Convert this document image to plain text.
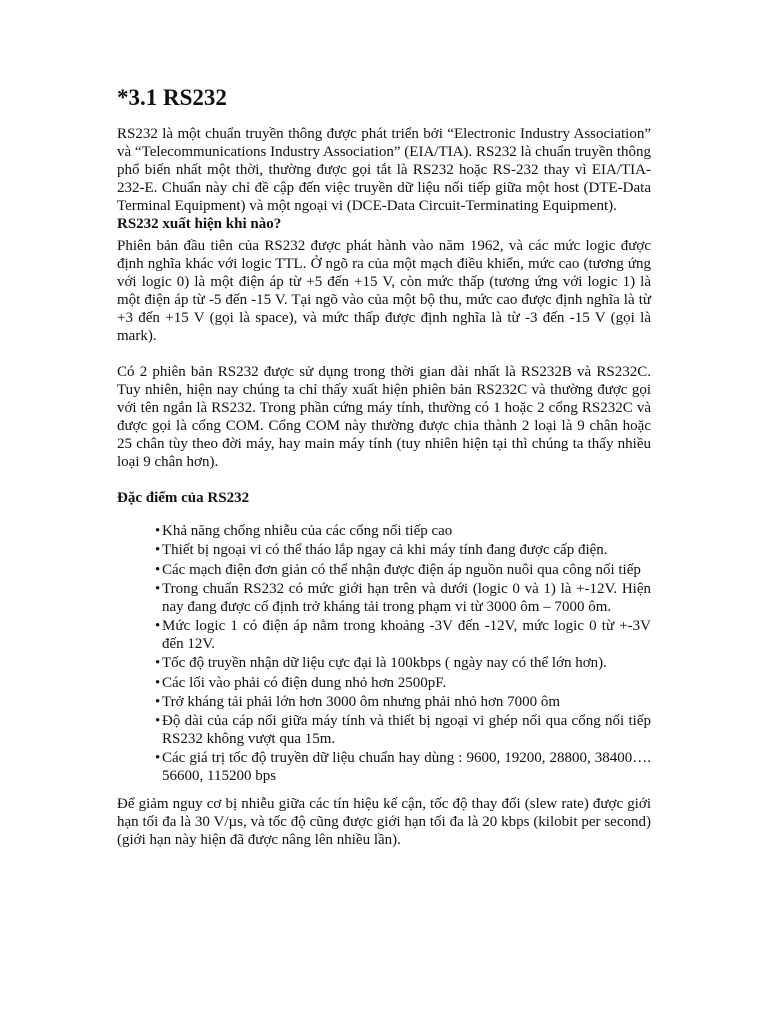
*3.1 RS232

RS232 là một chuẩn truyền thông được phát triển bởi “Electronic Industry Association” và “Telecommunications Industry Association” (EIA/TIA). RS232 là chuẩn truyền thông phổ biến nhất một thời, thường được gọi tắt là RS232 hoặc RS-232 thay vì EIA/TIA-232-E. Chuẩn này chỉ đề cập đến việc truyền dữ liệu nối tiếp giữa một host (DTE-Data Terminal Equipment) và một ngoại vi (DCE-Data Circuit-Terminating Equipment).

RS232 xuất hiện khi nào?

Phiên bản đầu tiên của RS232 được phát hành vào năm 1962, và các mức logic được định nghĩa khác với logic TTL. Ở ngõ ra của một mạch điều khiển, mức cao (tương ứng với logic 0) là một điện áp từ +5 đến +15 V, còn mức thấp (tương ứng với logic 1) là một điện áp từ -5 đến -15 V. Tại ngõ vào của một bộ thu, mức cao được định nghĩa là từ +3 đến +15 V (gọi là space), và mức thấp được định nghĩa là từ -3 đến -15 V (gọi là mark).

Có 2 phiên bản RS232 được sử dụng trong thời gian dài nhất là RS232B và RS232C. Tuy nhiên, hiện nay chúng ta chỉ thấy xuất hiện phiên bản RS232C và thường được gọi với tên ngắn là RS232. Trong phần cứng máy tính, thường có 1 hoặc 2 cổng RS232C và được gọi là cổng COM. Cổng COM này thường được chia thành 2 loại là 9 chân hoặc 25 chân tùy theo đời máy, hay main máy tính (tuy nhiên hiện tại thì chúng ta thấy nhiều loại 9 chân hơn).

Đặc điểm của RS232

• Khả năng chống nhiễu của các cổng nối tiếp cao
• Thiết bị ngoại vi có thể tháo lắp ngay cả khi máy tính đang được cấp điện.
• Các mạch điện đơn giản có thể nhận được điện áp nguồn nuôi qua công nối tiếp
• Trong chuẩn RS232 có mức giới hạn trên và dưới (logic 0 và 1) là +-12V. Hiện nay đang được cố định trở kháng tải trong phạm vi từ 3000 ôm – 7000 ôm.
• Mức logic 1 có điện áp nằm trong khoảng -3V đến -12V, mức logic 0 từ +-3V đến 12V.
• Tốc độ truyền nhận dữ liệu cực đại là 100kbps ( ngày nay có thể lớn hơn).
• Các lối vào phải có điện dung nhỏ hơn 2500pF.
• Trở kháng tải phải lớn hơn 3000 ôm nhưng phải nhỏ hơn 7000 ôm
• Độ dài của cáp nối giữa máy tính và thiết bị ngoại vi ghép nối qua cổng nối tiếp RS232 không vượt qua 15m.
• Các giá trị tốc độ truyền dữ liệu chuẩn hay dùng : 9600, 19200, 28800, 38400…. 56600, 115200 bps

Để giảm nguy cơ bị nhiễu giữa các tín hiệu kế cận, tốc độ thay đổi (slew rate) được giới hạn tối đa là 30 V/µs, và tốc độ cũng được giới hạn tối đa là 20 kbps (kilobit per second) (giới hạn này hiện đã được nâng lên nhiều lần).
